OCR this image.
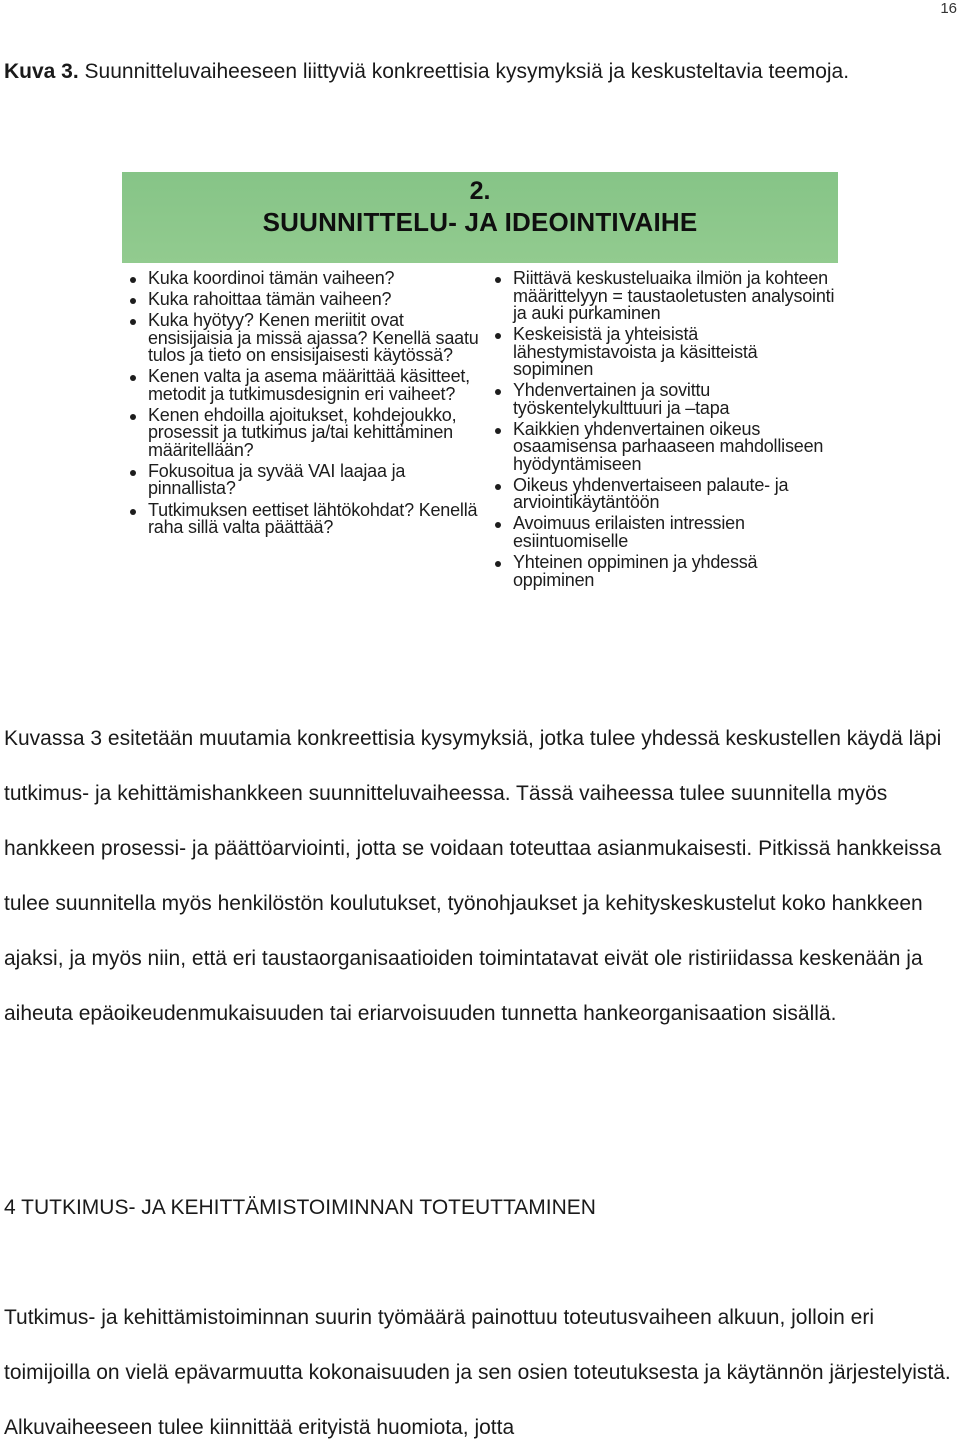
16
Kuva 3. Suunnitteluvaiheeseen liittyviä konkreettisia kysymyksiä ja keskusteltavia teemoja.
2.
SUUNNITTELU- JA IDEOINTIVAIHE
Kuka koordinoi tämän vaiheen?
Kuka rahoittaa tämän vaiheen?
Kuka hyötyy? Kenen meriitit ovat ensisijaisia ja missä ajassa? Kenellä saatu tulos ja tieto on ensisijaisesti käytössä?
Kenen valta ja asema määrittää käsitteet, metodit ja tutkimusdesignin eri vaiheet?
Kenen ehdoilla ajoitukset, kohdejoukko, prosessit ja tutkimus ja/tai kehittäminen määritellään?
Fokusoitua ja syvää VAI laajaa ja pinnallista?
Tutkimuksen eettiset lähtökohdat? Kenellä raha sillä valta päättää?
Riittävä keskusteluaika ilmiön ja kohteen määrittelyyn = taustaoletusten analysointi ja auki purkaminen
Keskeisistä ja yhteisistä lähestymistavoista ja käsitteistä sopiminen
Yhdenvertainen ja sovittu työskentelykulttuuri ja –tapa
Kaikkien yhdenvertainen oikeus osaamisensa parhaaseen mahdolliseen hyödyntämiseen
Oikeus yhdenvertaiseen palaute- ja arviointikäytäntöön
Avoimuus erilaisten intressien esiintuomiselle
Yhteinen oppiminen ja yhdessä oppiminen
Kuvassa 3 esitetään muutamia konkreettisia kysymyksiä, jotka tulee yhdessä keskustellen käydä läpi tutkimus- ja kehittämishankkeen suunnitteluvaiheessa. Tässä vaiheessa tulee suunnitella myös hankkeen prosessi- ja päättöarviointi, jotta se voidaan toteuttaa asianmukaisesti. Pitkissä hankkeissa tulee suunnitella myös henkilöstön koulutukset, työnohjaukset ja kehityskeskustelut koko hankkeen ajaksi, ja myös niin, että eri taustaorganisaatioiden toimintatavat eivät ole ristiriidassa keskenään ja aiheuta epäoikeudenmukaisuuden tai eriarvoisuuden tunnetta hankeorganisaation sisällä.
4 TUTKIMUS- JA KEHITTÄMISTOIMINNAN TOTEUTTAMINEN
Tutkimus- ja kehittämistoiminnan suurin työmäärä painottuu toteutusvaiheen alkuun, jolloin eri toimijoilla on vielä epävarmuutta kokonaisuuden ja sen osien toteutuksesta ja käytännön järjestelyistä. Alkuvaiheeseen tulee kiinnittää erityistä huomiota, jotta
